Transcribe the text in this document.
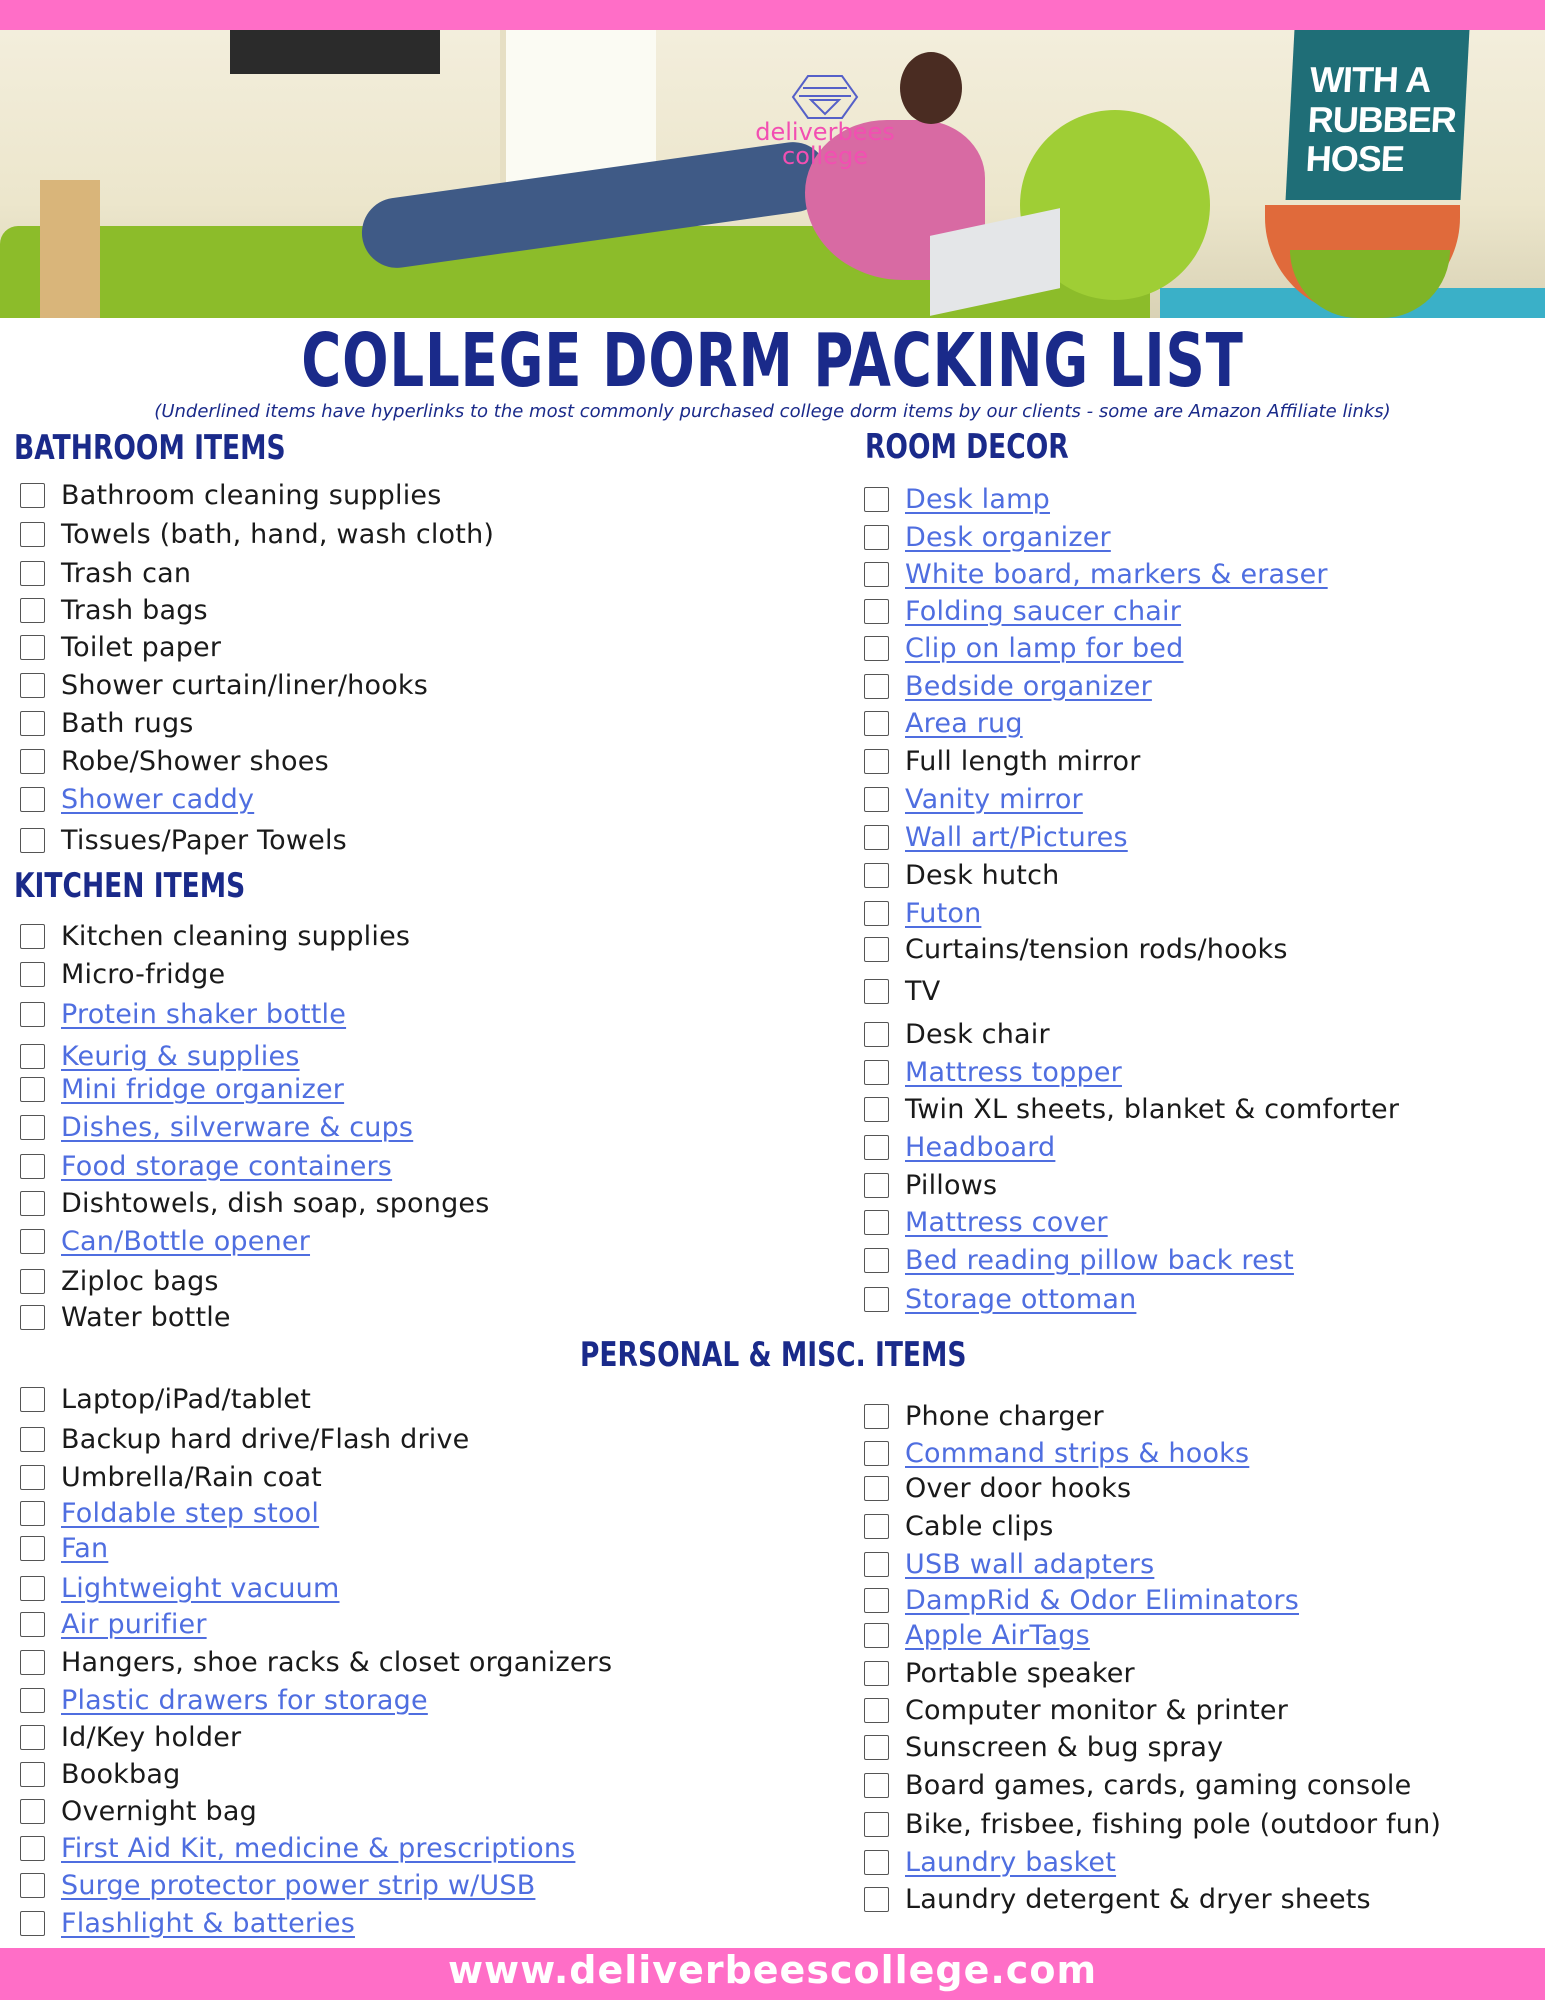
WITH A RUBBER HOSE
deliverbees
college
COLLEGE DORM PACKING LIST
(Underlined items have hyperlinks to the most commonly purchased college dorm items by our clients - some are Amazon Affiliate links)
BATHROOM ITEMS
Bathroom cleaning supplies
Towels (bath, hand, wash cloth)
Trash can
Trash bags
Toilet paper
Shower curtain/liner/hooks
Bath rugs
Robe/Shower shoes
Shower caddy
Tissues/Paper Towels
KITCHEN ITEMS
Kitchen cleaning supplies
Micro-fridge
Protein shaker bottle
Keurig & supplies
Mini fridge organizer
Dishes, silverware & cups
Food storage containers
Dishtowels, dish soap, sponges
Can/Bottle opener
Ziploc bags
Water bottle
ROOM DECOR
Desk lamp
Desk organizer
White board, markers & eraser
Folding saucer chair
Clip on lamp for bed
Bedside organizer
Area rug
Full length mirror
Vanity mirror
Wall art/Pictures
Desk hutch
Futon
Curtains/tension rods/hooks
TV
Desk chair
Mattress topper
Twin XL sheets, blanket & comforter
Headboard
Pillows
Mattress cover
Bed reading pillow back rest
Storage ottoman
PERSONAL & MISC. ITEMS
Laptop/iPad/tablet
Backup hard drive/Flash drive
Umbrella/Rain coat
Foldable step stool
Fan
Lightweight vacuum
Air purifier
Hangers, shoe racks & closet organizers
Plastic drawers for storage
Id/Key holder
Bookbag
Overnight bag
First Aid Kit, medicine & prescriptions
Surge protector power strip w/USB
Flashlight & batteries
Phone charger
Command strips & hooks
Over door hooks
Cable clips
USB wall adapters
DampRid & Odor Eliminators
Apple AirTags
Portable speaker
Computer monitor & printer
Sunscreen & bug spray
Board games, cards, gaming console
Bike, frisbee, fishing pole (outdoor fun)
Laundry basket
Laundry detergent & dryer sheets
www.deliverbeescollege.com
